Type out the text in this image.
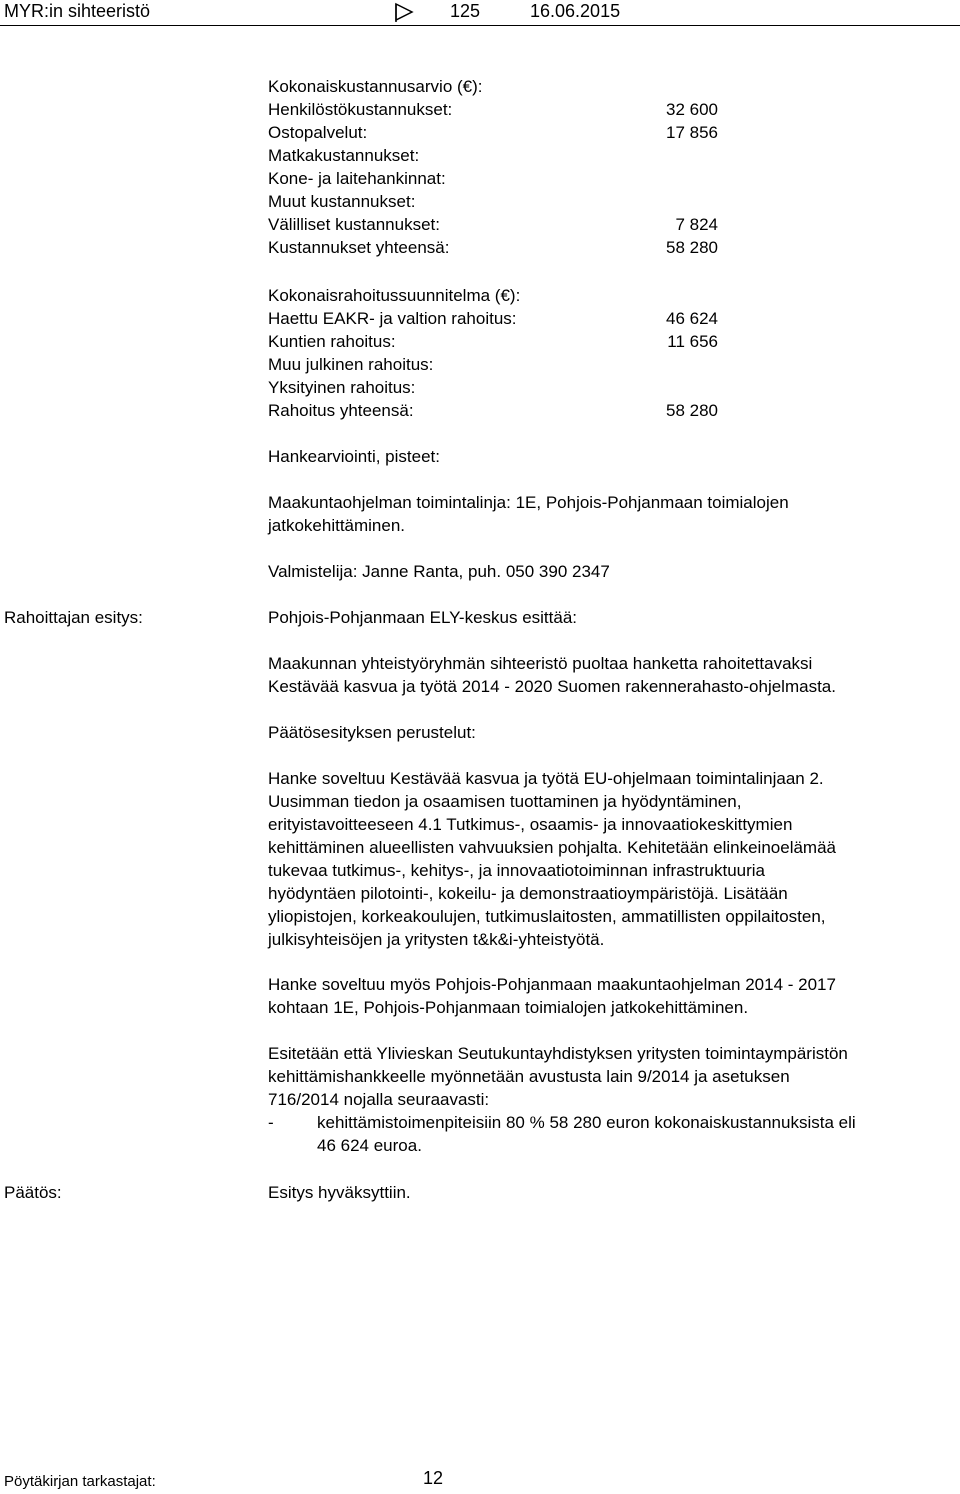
MYR:in sihteeristö	125	16.06.2015
Kokonaiskustannusarvio (€):
Henkilöstökustannukset:	32 600
Ostopalvelut:	17 856
Matkakustannukset:
Kone- ja laitehankinnat:
Muut kustannukset:
Välilliset kustannukset:	7 824
Kustannukset yhteensä:	58 280
Kokonaisrahoitussuunnitelma (€):
Haettu EAKR- ja valtion rahoitus:	46 624
Kuntien rahoitus:	11 656
Muu julkinen rahoitus:
Yksityinen rahoitus:
Rahoitus yhteensä:	58 280
Hankearviointi, pisteet:
Maakuntaohjelman toimintalinja: 1E, Pohjois-Pohjanmaan toimialojen
jatkokehittäminen.
Valmistelija: Janne Ranta, puh. 050 390 2347
Rahoittajan esitys:	Pohjois-Pohjanmaan ELY-keskus esittää:
Maakunnan yhteistyöryhmän sihteeristö puoltaa hanketta rahoitettavaksi
Kestävää kasvua ja työtä 2014 - 2020 Suomen rakennerahasto-ohjelmasta.
Päätösesityksen perustelut:
Hanke soveltuu Kestävää kasvua ja työtä EU-ohjelmaan toimintalinjaan 2.
Uusimman tiedon ja osaamisen tuottaminen ja hyödyntäminen,
erityistavoitteeseen 4.1 Tutkimus-, osaamis- ja innovaatiokeskittymien
kehittäminen alueellisten vahvuuksien pohjalta. Kehitetään elinkeinoelämää
tukevaa tutkimus-, kehitys-, ja innovaatiotoiminnan infrastruktuuria
hyödyntäen pilotointi-, kokeilu- ja demonstraatioympäristöjä. Lisätään
yliopistojen, korkeakoulujen, tutkimuslaitosten, ammatillisten oppilaitosten,
julkisyhteisöjen ja yritysten t&k&i-yhteistyötä.
Hanke soveltuu myös Pohjois-Pohjanmaan maakuntaohjelman 2014 - 2017
kohtaan 1E, Pohjois-Pohjanmaan toimialojen jatkokehittäminen.
Esitetään että Ylivieskan Seutukuntayhdistyksen yritysten toimintaympäristön
kehittämishankkeelle myönnetään avustusta lain 9/2014 ja asetuksen
716/2014 nojalla seuraavasti:
-	kehittämistoimenpiteisiin 80 % 58 280 euron kokonaiskustannuksista eli
46 624 euroa.
Päätös:	Esitys hyväksyttiin.
Pöytäkirjan tarkastajat:	12
